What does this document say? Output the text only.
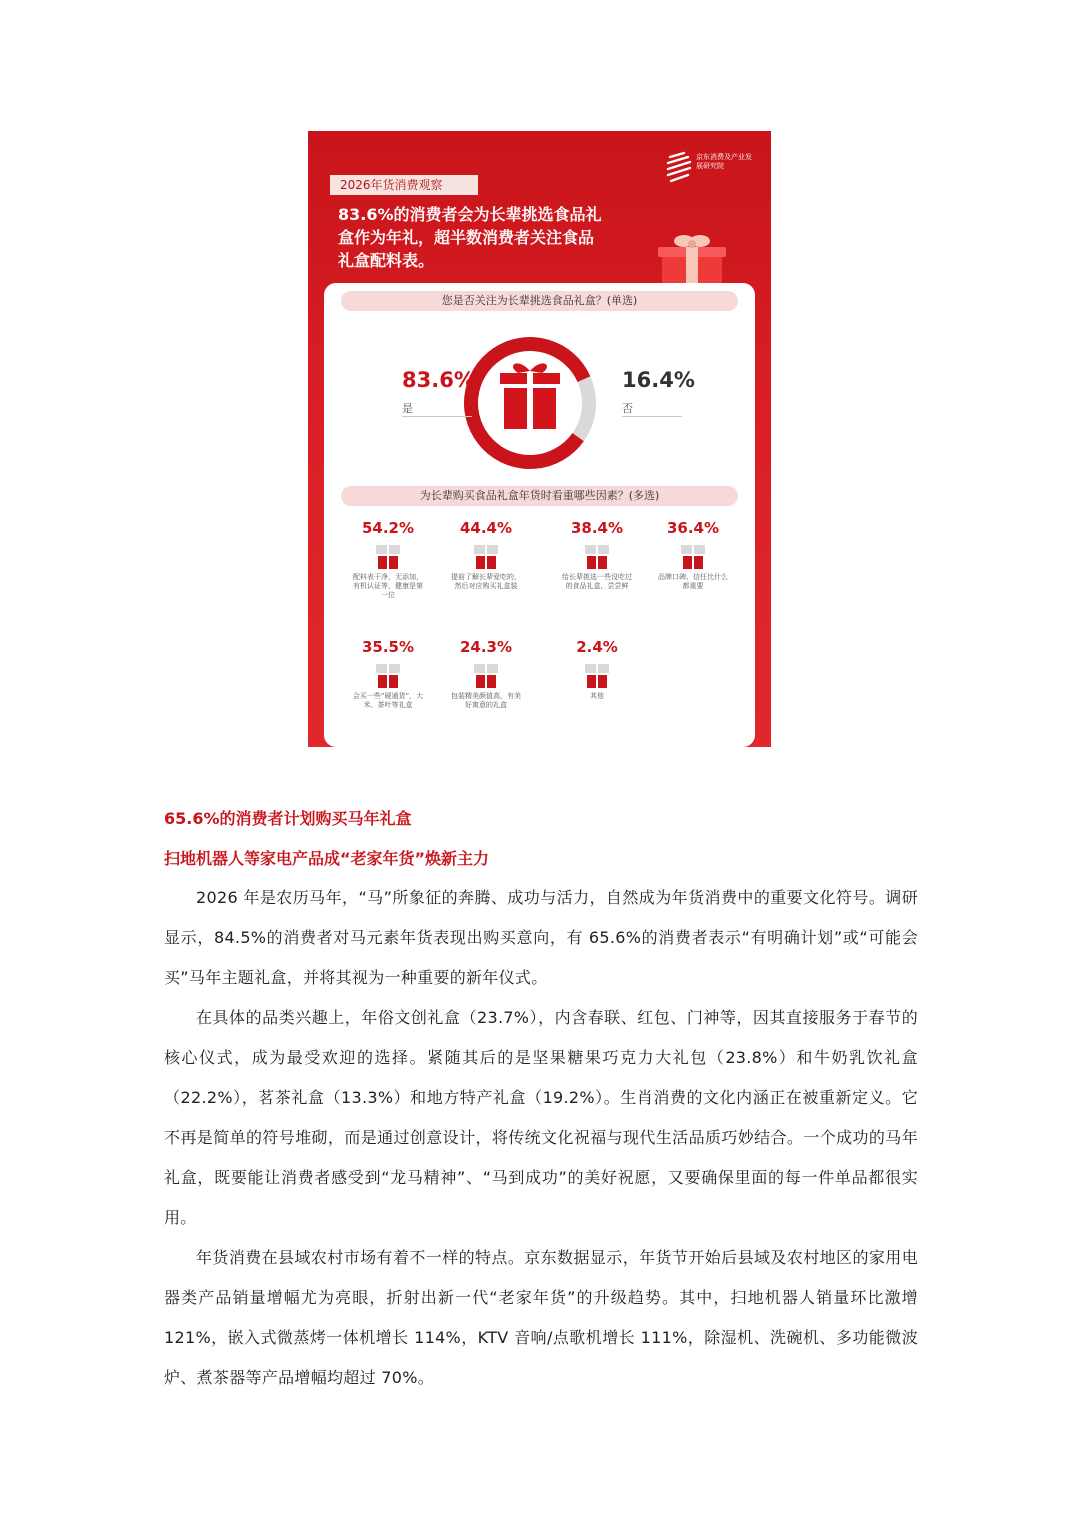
2026年货消费观察
京东消费及产业发展研究院
83.6%的消费者会为长辈挑选食品礼
盒作为年礼，超半数消费者关注食品
礼盒配料表。
您是否关注为长辈挑选食品礼盒？(单选)
83.6%
是
16.4%
否
为长辈购买食品礼盒年货时看重哪些因素？(多选)
54.2%
配料表干净，无添加，有机认证等，健康是第一位
44.4%
提前了解长辈爱吃的，然后对应购买礼盒装
38.4%
给长辈挑选一些没吃过的食品礼盒，尝尝鲜
36.4%
品牌口碑、信任比什么都重要
35.5%
会买一些“硬通货”，大米、茶叶等礼盒
24.3%
包装精美颜值高，有美好寓意的礼盒
2.4%
其他
65.6%的消费者计划购买马年礼盒
扫地机器人等家电产品成“老家年货”焕新主力
2026 年是农历马年，“马”所象征的奔腾、成功与活力，自然成为年货消费中的重要文化符号。调研显示，84.5%的消费者对马元素年货表现出购买意向，有 65.6%的消费者表示“有明确计划”或“可能会买”马年主题礼盒，并将其视为一种重要的新年仪式。
在具体的品类兴趣上，年俗文创礼盒（23.7%），内含春联、红包、门神等，因其直接服务于春节的核心仪式，成为最受欢迎的选择。紧随其后的是坚果糖果巧克力大礼包（23.8%）和牛奶乳饮礼盒（22.2%），茗茶礼盒（13.3%）和地方特产礼盒（19.2%）。生肖消费的文化内涵正在被重新定义。它不再是简单的符号堆砌，而是通过创意设计，将传统文化祝福与现代生活品质巧妙结合。一个成功的马年礼盒，既要能让消费者感受到“龙马精神”、“马到成功”的美好祝愿，又要确保里面的每一件单品都很实用。
年货消费在县域农村市场有着不一样的特点。京东数据显示，年货节开始后县域及农村地区的家用电器类产品销量增幅尤为亮眼，折射出新一代“老家年货”的升级趋势。其中，扫地机器人销量环比激增 121%，嵌入式微蒸烤一体机增长 114%，KTV 音响/点歌机增长 111%，除湿机、洗碗机、多功能微波炉、煮茶器等产品增幅均超过 70%。
